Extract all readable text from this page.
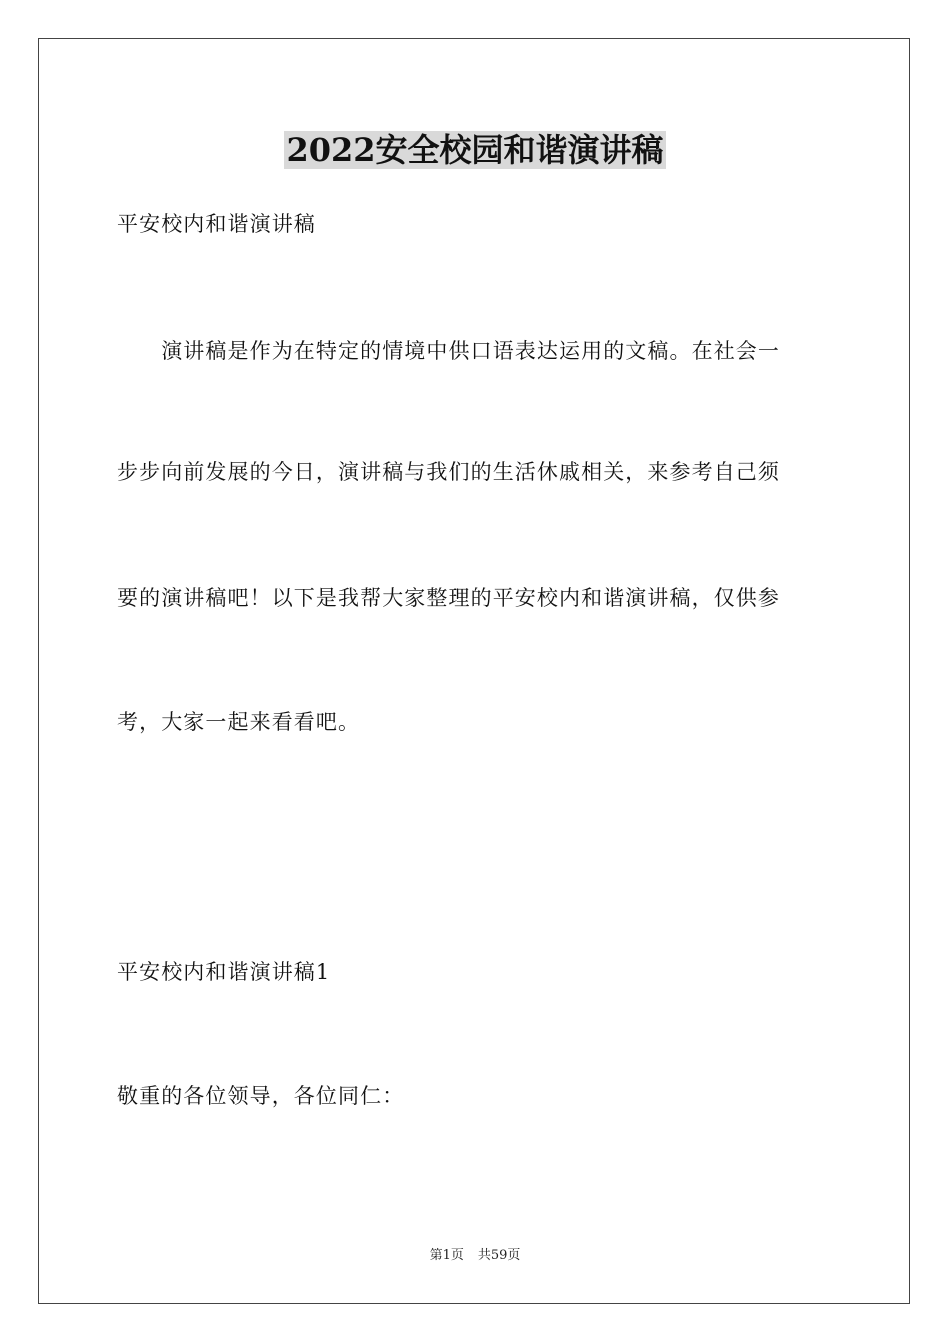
2022安全校园和谐演讲稿
平安校内和谐演讲稿
　　演讲稿是作为在特定的情境中供口语表达运用的文稿。在社会一
步步向前发展的今日，演讲稿与我们的生活休戚相关，来参考自己须
要的演讲稿吧！以下是我帮大家整理的平安校内和谐演讲稿，仅供参
考，大家一起来看看吧。
平安校内和谐演讲稿1
敬重的各位领导，各位同仁：
第1页 共59页
